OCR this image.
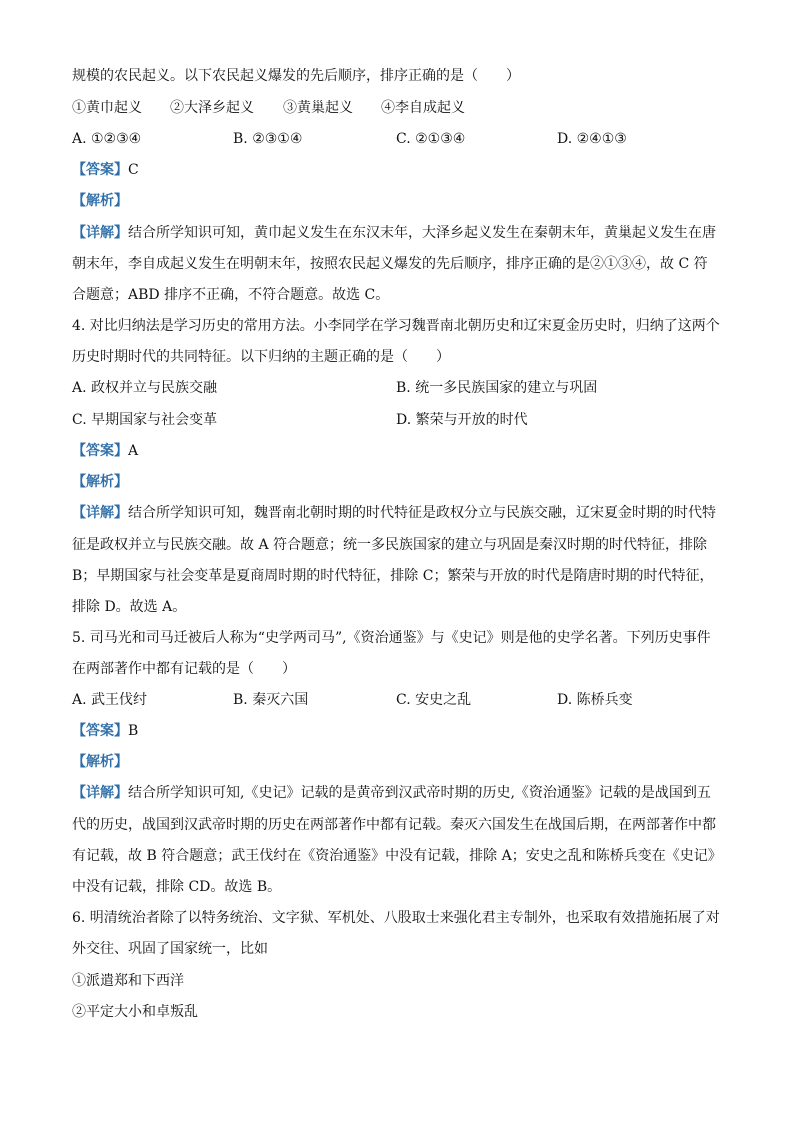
规模的农民起义。以下农民起义爆发的先后顺序，排序正确的是（　　）
①黄巾起义 ②大泽乡起义 ③黄巢起义 ④李自成起义
A. ①②③④	B. ②③①④	C. ②①③④	D. ②④①③
【答案】C
【解析】
【详解】结合所学知识可知，黄巾起义发生在东汉末年，大泽乡起义发生在秦朝末年，黄巢起义发生在唐
朝末年，李自成起义发生在明朝末年，按照农民起义爆发的先后顺序，排序正确的是②①③④，故 C 符
合题意；ABD 排序不正确，不符合题意。故选 C。
4. 对比归纳法是学习历史的常用方法。小李同学在学习魏晋南北朝历史和辽宋夏金历史时，归纳了这两个
历史时期时代的共同特征。以下归纳的主题正确的是（　　）
A. 政权并立与民族交融	B. 统一多民族国家的建立与巩固
C. 早期国家与社会变革	D. 繁荣与开放的时代
【答案】A
【解析】
【详解】结合所学知识可知，魏晋南北朝时期的时代特征是政权分立与民族交融，辽宋夏金时期的时代特
征是政权并立与民族交融。故 A 符合题意；统一多民族国家的建立与巩固是秦汉时期的时代特征，排除
B；早期国家与社会变革是夏商周时期的时代特征，排除 C；繁荣与开放的时代是隋唐时期的时代特征，
排除 D。故选 A。
5. 司马光和司马迁被后人称为“史学两司马”,《资治通鉴》与《史记》则是他的史学名著。下列历史事件
在两部著作中都有记载的是（　　）
A. 武王伐纣	B. 秦灭六国	C. 安史之乱	D. 陈桥兵变
【答案】B
【解析】
【详解】结合所学知识可知,《史记》记载的是黄帝到汉武帝时期的历史,《资治通鉴》记载的是战国到五
代的历史，战国到汉武帝时期的历史在两部著作中都有记载。秦灭六国发生在战国后期，在两部著作中都
有记载，故 B 符合题意；武王伐纣在《资治通鉴》中没有记载，排除 A；安史之乱和陈桥兵变在《史记》
中没有记载，排除 CD。故选 B。
6. 明清统治者除了以特务统治、文字狱、军机处、八股取士来强化君主专制外，也采取有效措施拓展了对
外交往、巩固了国家统一，比如
①派遣郑和下西洋
②平定大小和卓叛乱
